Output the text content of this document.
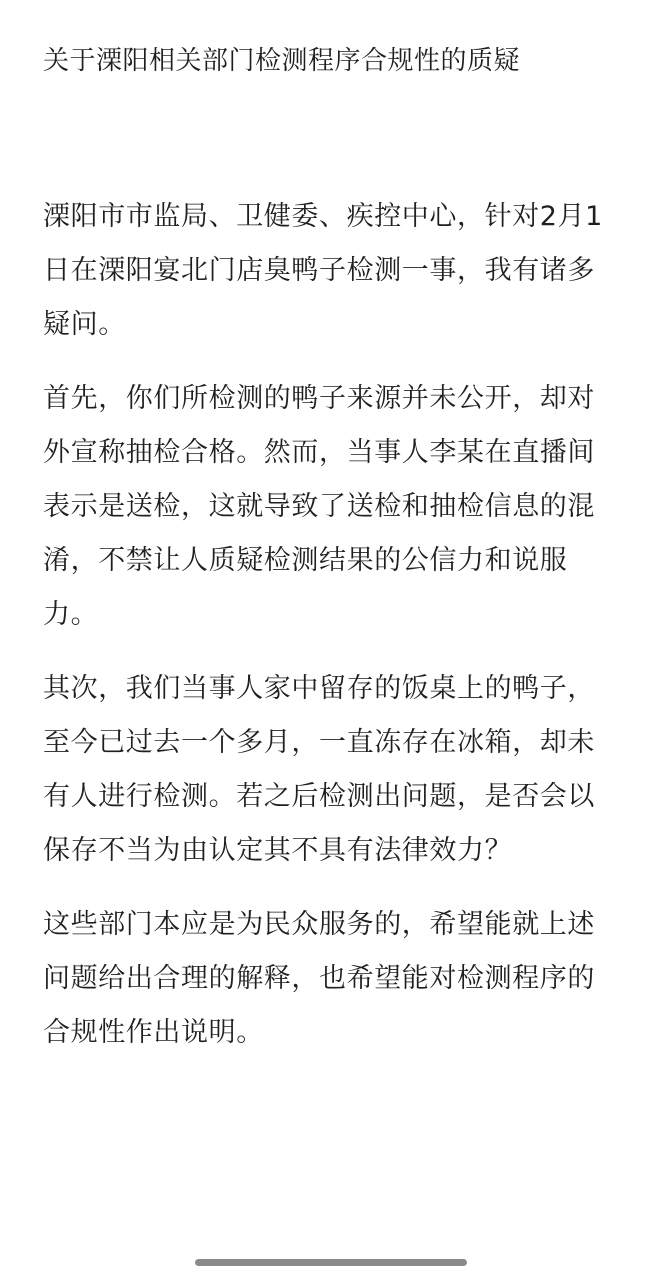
关于溧阳相关部门检测程序合规性的质疑

溧阳市市监局、卫健委、疾控中心，针对2月1日在溧阳宴北门店臭鸭子检测一事，我有诸多疑问。

首先，你们所检测的鸭子来源并未公开，却对外宣称抽检合格。然而，当事人李某在直播间表示是送检，这就导致了送检和抽检信息的混淆，不禁让人质疑检测结果的公信力和说服力。

其次，我们当事人家中留存的饭桌上的鸭子，至今已过去一个多月，一直冻存在冰箱，却未有人进行检测。若之后检测出问题，是否会以保存不当为由认定其不具有法律效力？

这些部门本应是为民众服务的，希望能就上述问题给出合理的解释，也希望能对检测程序的合规性作出说明。
